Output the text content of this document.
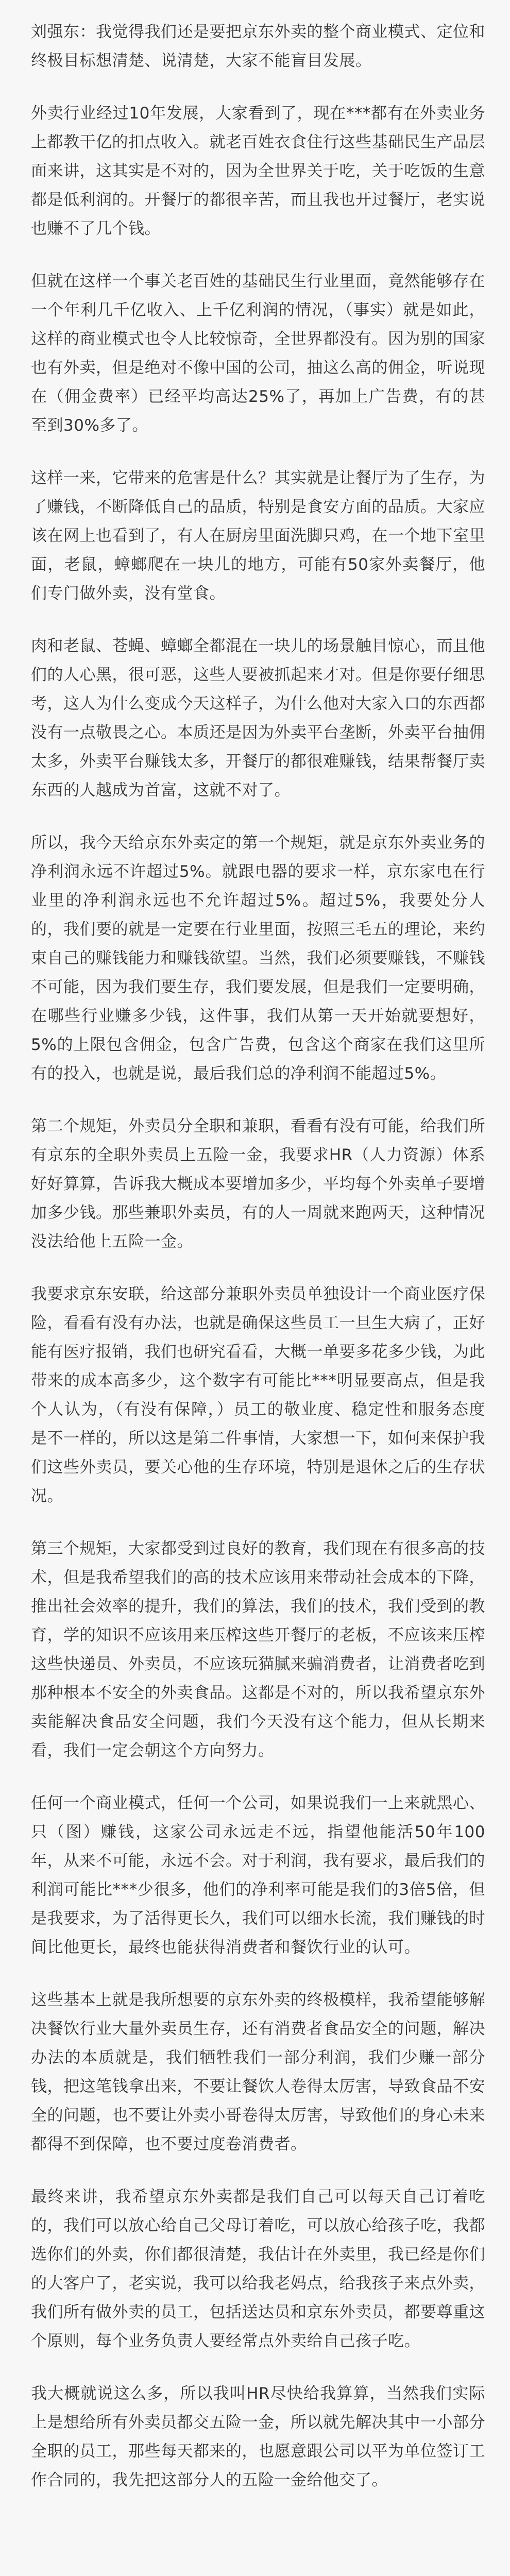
刘强东：我觉得我们还是要把京东外卖的整个商业模式、定位和终极目标想清楚、说清楚，大家不能盲目发展。

外卖行业经过10年发展，大家看到了，现在***都有在外卖业务上都教干亿的扣点收入。就老百姓衣食住行这些基础民生产品层面来讲，这其实是不对的，因为全世界关于吃，关于吃饭的生意都是低利润的。开餐厅的都很辛苦，而且我也开过餐厅，老实说也赚不了几个钱。

但就在这样一个事关老百姓的基础民生行业里面，竟然能够存在一个年利几千亿收入、上千亿利润的情况，（事实）就是如此，这样的商业模式也令人比较惊奇，全世界都没有。因为别的国家也有外卖，但是绝对不像中国的公司，抽这么高的佣金，听说现在（佣金费率）已经平均高达25%了，再加上广告费，有的甚至到30%多了。

这样一来，它带来的危害是什么？其实就是让餐厅为了生存，为了赚钱，不断降低自己的品质，特别是食安方面的品质。大家应该在网上也看到了，有人在厨房里面洗脚只鸡，在一个地下室里面，老鼠，蟑螂爬在一块儿的地方，可能有50家外卖餐厅，他们专门做外卖，没有堂食。

肉和老鼠、苍蝇、蟑螂全都混在一块儿的场景触目惊心，而且他们的人心黑，很可恶，这些人要被抓起来才对。但是你要仔细思考，这人为什么变成今天这样子，为什么他对大家入口的东西都没有一点敬畏之心。本质还是因为外卖平台垄断，外卖平台抽佣太多，外卖平台赚钱太多，开餐厅的都很难赚钱，结果帮餐厅卖东西的人越成为首富，这就不对了。

所以，我今天给京东外卖定的第一个规矩，就是京东外卖业务的净利润永远不许超过5%。就跟电器的要求一样，京东家电在行业里的净利润永远也不允许超过5%。超过5%，我要处分人的，我们要的就是一定要在行业里面，按照三毛五的理论，来约束自己的赚钱能力和赚钱欲望。当然，我们必须要赚钱，不赚钱不可能，因为我们要生存，我们要发展，但是我们一定要明确，在哪些行业赚多少钱，这件事，我们从第一天开始就要想好，5%的上限包含佣金，包含广告费，包含这个商家在我们这里所有的投入，也就是说，最后我们总的净利润不能超过5%。

第二个规矩，外卖员分全职和兼职，看看有没有可能，给我们所有京东的全职外卖员上五险一金，我要求HR（人力资源）体系好好算算，告诉我大概成本要增加多少，平均每个外卖单子要增加多少钱。那些兼职外卖员，有的人一周就来跑两天，这种情况没法给他上五险一金。

我要求京东安联，给这部分兼职外卖员单独设计一个商业医疗保险，看看有没有办法，也就是确保这些员工一旦生大病了，正好能有医疗报销，我们也研究看看，大概一单要多花多少钱，为此带来的成本高多少，这个数字有可能比***明显要高点，但是我个人认为，（有没有保障，）员工的敬业度、稳定性和服务态度是不一样的，所以这是第二件事情，大家想一下，如何来保护我们这些外卖员，要关心他的生存环境，特别是退休之后的生存状况。

第三个规矩，大家都受到过良好的教育，我们现在有很多高的技术，但是我希望我们的高的技术应该用来带动社会成本的下降，推出社会效率的提升，我们的算法，我们的技术，我们受到的教育，学的知识不应该用来压榨这些开餐厅的老板，不应该来压榨这些快递员、外卖员，不应该玩猫腻来骗消费者，让消费者吃到那种根本不安全的外卖食品。这都是不对的，所以我希望京东外卖能解决食品安全问题，我们今天没有这个能力，但从长期来看，我们一定会朝这个方向努力。

任何一个商业模式，任何一个公司，如果说我们一上来就黑心、只（图）赚钱，这家公司永远走不远，指望他能活50年100年，从来不可能，永远不会。对于利润，我有要求，最后我们的利润可能比***少很多，他们的净利率可能是我们的3倍5倍，但是我要求，为了活得更长久，我们可以细水长流，我们赚钱的时间比他更长，最终也能获得消费者和餐饮行业的认可。

这些基本上就是我所想要的京东外卖的终极模样，我希望能够解决餐饮行业大量外卖员生存，还有消费者食品安全的问题，解决办法的本质就是，我们牺牲我们一部分利润，我们少赚一部分钱，把这笔钱拿出来，不要让餐饮人卷得太厉害，导致食品不安全的问题，也不要让外卖小哥卷得太厉害，导致他们的身心未来都得不到保障，也不要过度卷消费者。

最终来讲，我希望京东外卖都是我们自己可以每天自己订着吃的，我们可以放心给自己父母订着吃，可以放心给孩子吃，我都选你们的外卖，你们都很清楚，我估计在外卖里，我已经是你们的大客户了，老实说，我可以给我老妈点，给我孩子来点外卖，我们所有做外卖的员工，包括送达员和京东外卖员，都要尊重这个原则，每个业务负责人要经常点外卖给自己孩子吃。

我大概就说这么多，所以我叫HR尽快给我算算，当然我们实际上是想给所有外卖员都交五险一金，所以就先解决其中一小部分全职的员工，那些每天都来的，也愿意跟公司以平为单位签订工作合同的，我先把这部分人的五险一金给他交了。
